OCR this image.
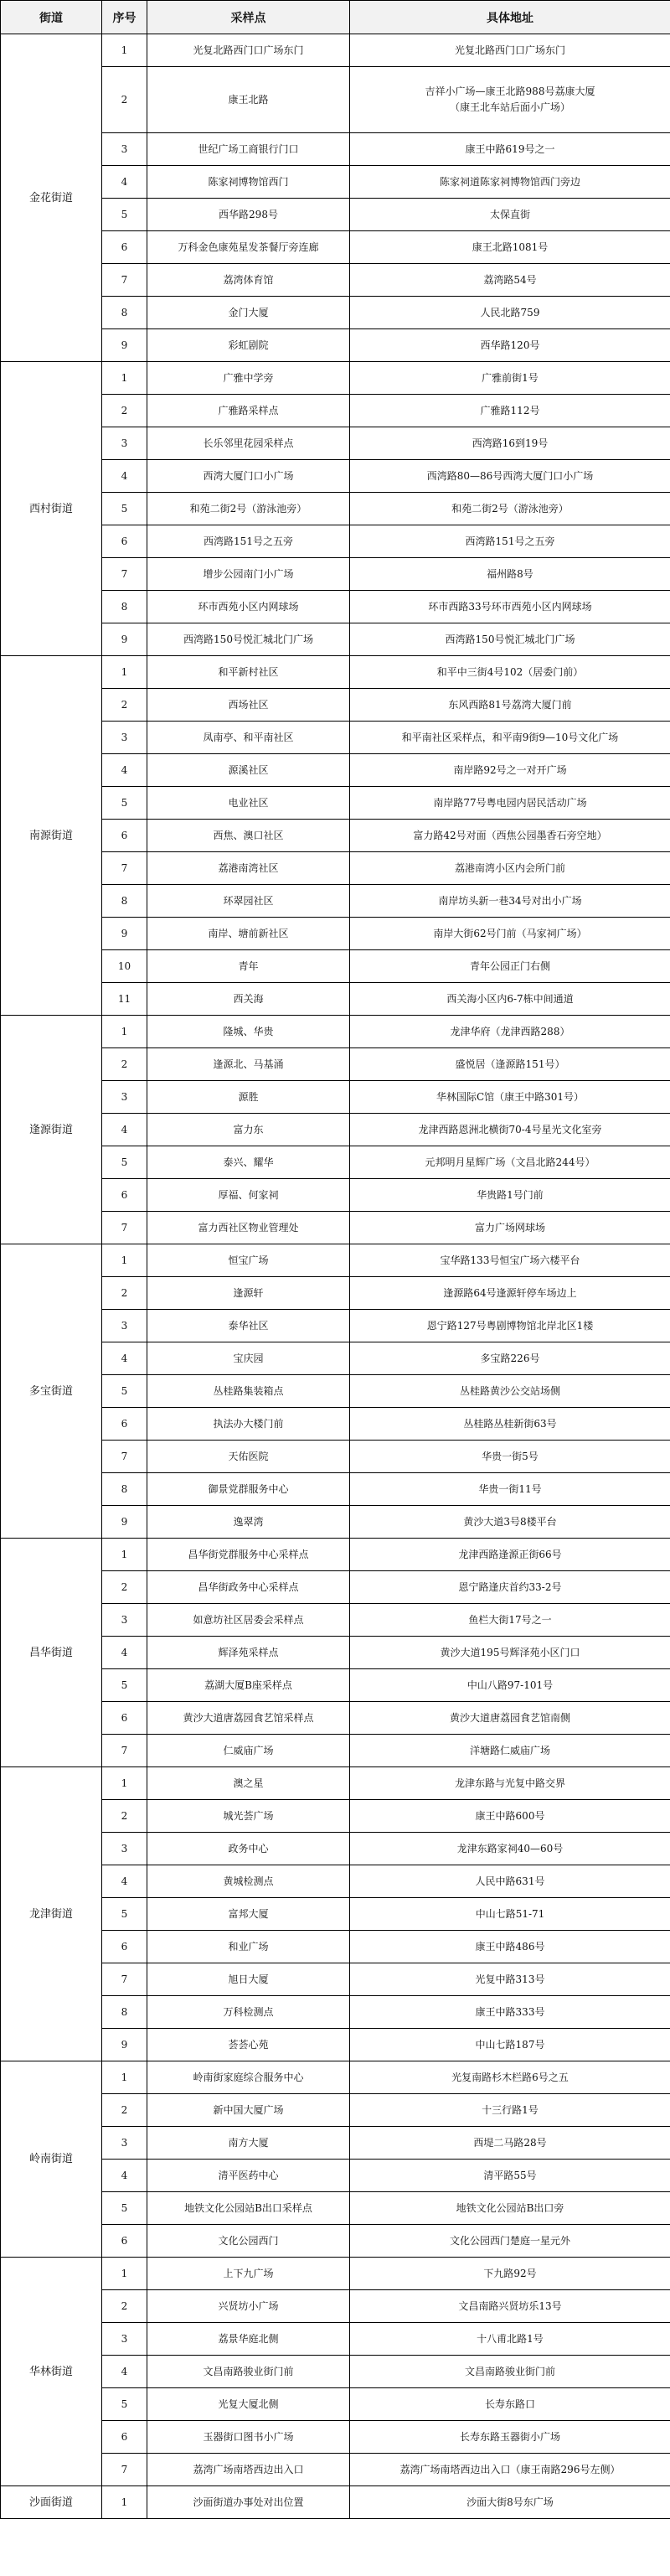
街道	序号	采样点	具体地址
金花街道	1	光复北路西门口广场东门	光复北路西门口广场东门
	2	康王北路	吉祥小广场—康王北路988号荔康大厦
（康王北车站后面小广场）
	3	世纪广场工商银行门口	康王中路619号之一
	4	陈家祠博物馆西门	陈家祠道陈家祠博物馆西门旁边
	5	西华路298号	太保直街
	6	万科金色康苑星发茶餐厅旁连廊	康王北路1081号
	7	荔湾体育馆	荔湾路54号
	8	金门大厦	人民北路759
	9	彩虹剧院	西华路120号
西村街道	1	广雅中学旁	广雅前街1号
	2	广雅路采样点	广雅路112号
	3	长乐邻里花园采样点	西湾路16到19号
	4	西湾大厦门口小广场	西湾路80—86号西湾大厦门口小广场
	5	和苑二街2号（游泳池旁）	和苑二街2号（游泳池旁）
	6	西湾路151号之五旁	西湾路151号之五旁
	7	增步公园南门小广场	福州路8号
	8	环市西苑小区内网球场	环市西路33号环市西苑小区内网球场
	9	西湾路150号悦汇城北门广场	西湾路150号悦汇城北门广场
南源街道	1	和平新村社区	和平中三街4号102（居委门前）
	2	西场社区	东风西路81号荔湾大厦门前
	3	凤南亭、和平南社区	和平南社区采样点，和平南9街9—10号文化广场
	4	源溪社区	南岸路92号之一对开广场
	5	电业社区	南岸路77号粤电园内居民活动广场
	6	西焦、澳口社区	富力路42号对面（西焦公园墨香石旁空地）
	7	荔港南湾社区	荔港南湾小区内会所门前
	8	环翠园社区	南岸坊头新一巷34号对出小广场
	9	南岸、塘前新社区	南岸大街62号门前（马家祠广场）
	10	青年	青年公园正门右侧
	11	西关海	西关海小区内6-7栋中间通道
逢源街道	1	隆城、华贵	龙津华府（龙津西路288）
	2	逢源北、马基涌	盛悦居（逢源路151号）
	3	源胜	华林国际C馆（康王中路301号）
	4	富力东	龙津西路恩洲北横街70-4号星光文化室旁
	5	泰兴、耀华	元邦明月星辉广场（文昌北路244号）
	6	厚福、何家祠	华贵路1号门前
	7	富力西社区物业管理处	富力广场网球场
多宝街道	1	恒宝广场	宝华路133号恒宝广场六楼平台
	2	逢源轩	逢源路64号逢源轩停车场边上
	3	泰华社区	恩宁路127号粤剧博物馆北岸北区1楼
	4	宝庆园	多宝路226号
	5	丛桂路集装箱点	丛桂路黄沙公交站场侧
	6	执法办大楼门前	丛桂路丛桂新街63号
	7	天佑医院	华贵一街5号
	8	御景党群服务中心	华贵一街11号
	9	逸翠湾	黄沙大道3号8楼平台
昌华街道	1	昌华街党群服务中心采样点	龙津西路逢源正街66号
	2	昌华街政务中心采样点	恩宁路逢庆首约33-2号
	3	如意坊社区居委会采样点	鱼栏大街17号之一
	4	辉泽苑采样点	黄沙大道195号辉泽苑小区门口
	5	荔湖大厦B座采样点	中山八路97-101号
	6	黄沙大道唐荔园食艺馆采样点	黄沙大道唐荔园食艺馆南侧
	7	仁威庙广场	洋塘路仁威庙广场
龙津街道	1	澳之星	龙津东路与光复中路交界
	2	城光荟广场	康王中路600号
	3	政务中心	龙津东路家祠40—60号
	4	黄城检测点	人民中路631号
	5	富邦大厦	中山七路51-71
	6	和业广场	康王中路486号
	7	旭日大厦	光复中路313号
	8	万科检测点	康王中路333号
	9	荟荟心苑	中山七路187号
岭南街道	1	岭南街家庭综合服务中心	光复南路杉木栏路6号之五
	2	新中国大厦广场	十三行路1号
	3	南方大厦	西堤二马路28号
	4	清平医药中心	清平路55号
	5	地铁文化公园站B出口采样点	地铁文化公园站B出口旁
	6	文化公园西门	文化公园西门楚庭一星元外
华林街道	1	上下九广场	下九路92号
	2	兴贤坊小广场	文昌南路兴贤坊乐13号
	3	荔景华庭北侧	十八甫北路1号
	4	文昌南路骏业街门前	文昌南路骏业街门前
	5	光复大厦北侧	长寿东路口
	6	玉器街口图书小广场	长寿东路玉器街小广场
	7	荔湾广场南塔西边出入口	荔湾广场南塔西边出入口（康王南路296号左侧）
沙面街道	1	沙面街道办事处对出位置	沙面大街8号东广场
